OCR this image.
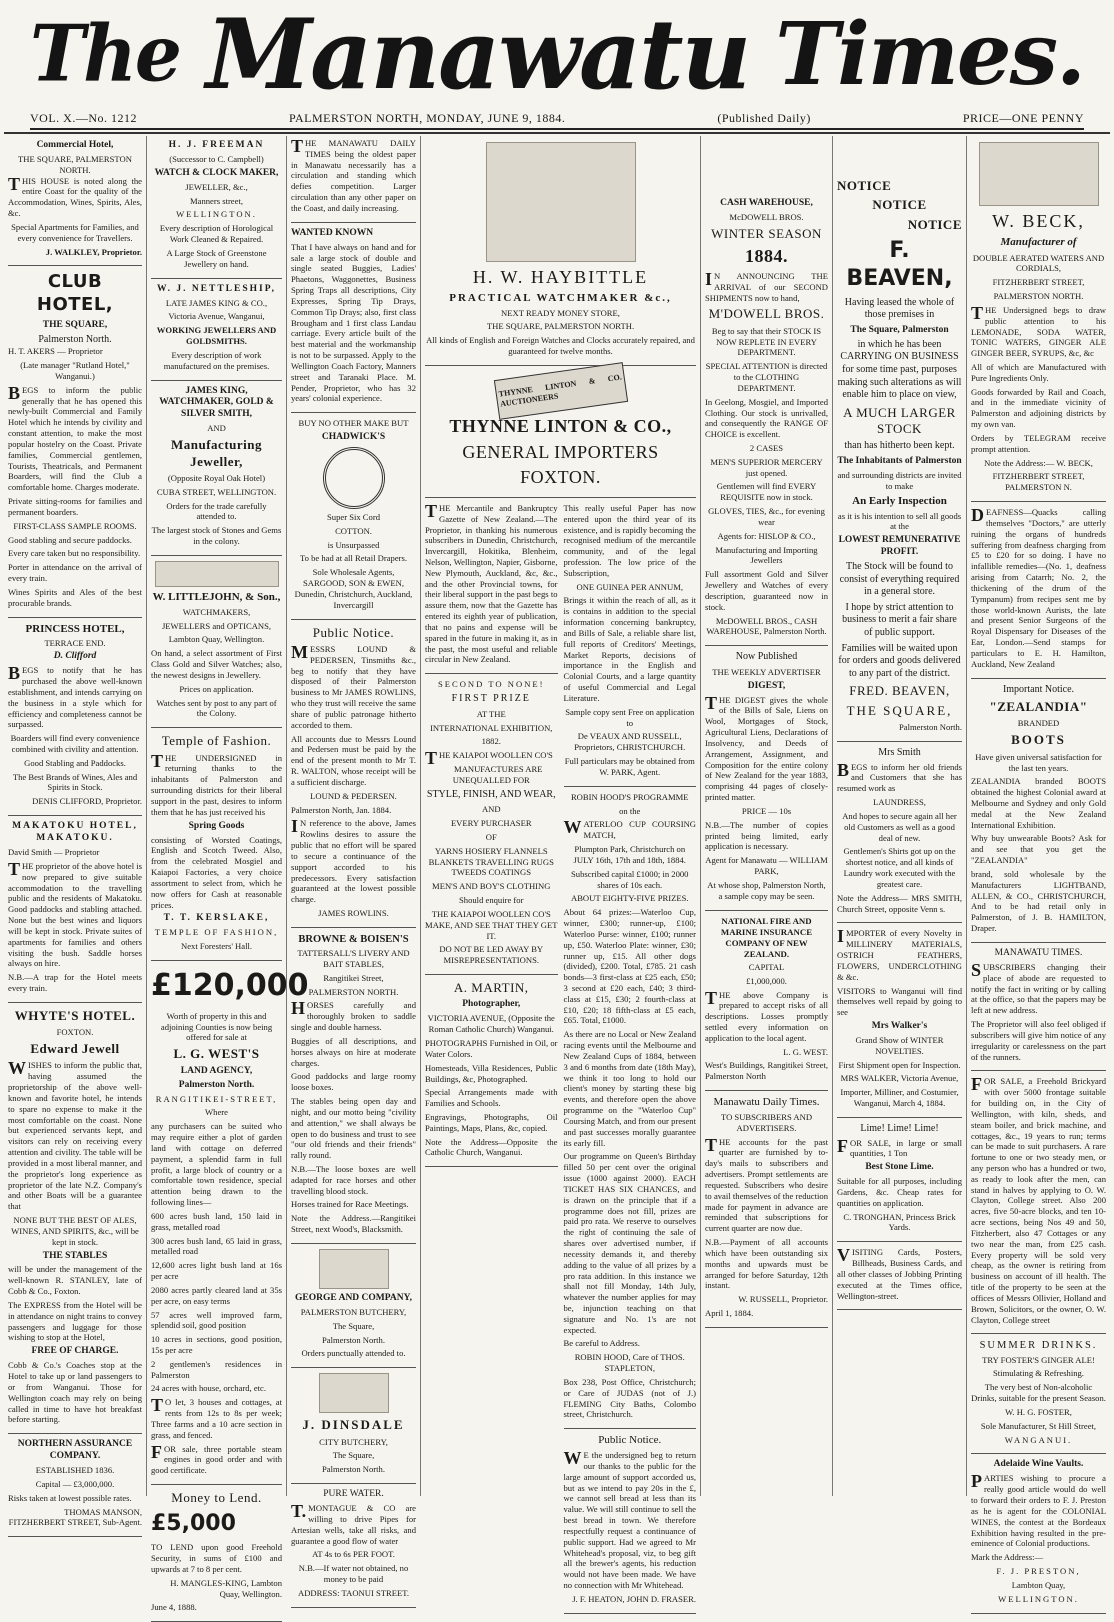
The Manawatu Times.
VOL. X.—No. 1212	PALMERSTON NORTH, MONDAY, JUNE 9, 1884.	(Published Daily)	PRICE—ONE PENNY
Commercial Hotel,
THE SQUARE, PALMERSTON NORTH.

THIS HOUSE is noted along the entire Coast for the quality of the Accommodation, Wines, Spirits, Ales, &c.

Special Apartments for Families, and every convenience for Travellers.

J. WALKLEY, Proprietor.

CLUB HOTEL,
THE SQUARE,
Palmerston North.

H. T. AKERS — Proprietor

(Late manager "Rutland Hotel," Wanganui.)

BEGS to inform the public generally that he has opened this newly-built Commercial and Family Hotel which he intends by civility and constant attention, to make the most popular hostelry on the Coast. Private families, Commercial gentlemen, Tourists, Theatricals, and Permanent Boarders, will find the Club a comfortable home. Charges moderate.

Private sitting-rooms for families and permanent boarders.

FIRST-CLASS SAMPLE ROOMS.

Good stabling and secure paddocks.

Every care taken but no responsibility.

Porter in attendance on the arrival of every train.

Wines Spirits and Ales of the best procurable brands.

PRINCESS HOTEL,
TERRACE END.
D. Clifford

BEGS to notify that he has purchased the above well-known establishment, and intends carrying on the business in a style which for efficiency and completeness cannot be surpassed.

Boarders will find every convenience combined with civility and attention.

Good Stabling and Paddocks.

The Best Brands of Wines, Ales and Spirits in Stock.

DENIS CLIFFORD, Proprietor.

MAKATOKU HOTEL, MAKATOKU.

David Smith — Proprietor

THE proprietor of the above hotel is now prepared to give suitable accommodation to the travelling public and the residents of Makatoku. Good paddocks and stabling attached. None but the best wines and liquors will be kept in stock. Private suites of apartments for families and others visiting the bush. Saddle horses always on hire.

N.B.—A trap for the Hotel meets every train.

WHYTE'S HOTEL.
FOXTON.
Edward Jewell

WISHES to inform the public that, having assumed the proprietorship of the above well-known and favorite hotel, he intends to spare no expense to make it the most comfortable on the coast. None but experienced servants kept, and visitors can rely on receiving every attention and civility. The table will be provided in a most liberal manner, and the proprietor's long experience as proprietor of the late N.Z. Company's and other Boats will be a guarantee that

NONE BUT THE BEST OF ALES, WINES, AND SPIRITS, &c., will be kept in stock.

THE STABLES

will be under the management of the well-known R. STANLEY, late of Cobb & Co., Foxton.

The EXPRESS from the Hotel will be in attendance on night trains to convey passengers and luggage for those wishing to stop at the Hotel,

FREE OF CHARGE.

Cobb & Co.'s Coaches stop at the Hotel to take up or land passengers to or from Wanganui. Those for Wellington coach may rely on being called in time to have hot breakfast before starting.

NORTHERN ASSURANCE COMPANY.

ESTABLISHED 1836.

Capital — £3,000,000.

Risks taken at lowest possible rates.

THOMAS MANSON, FITZHERBERT STREET, Sub-Agent.

H. J. FREEMAN

(Successor to C. Campbell)

WATCH & CLOCK MAKER,

JEWELLER, &c.,

Manners street,

WELLINGTON.

Every description of Horological Work Cleaned & Repaired.

A Large Stock of Greenstone Jewellery on hand.

W. J. NETTLESHIP,

LATE JAMES KING & CO.,

Victoria Avenue, Wanganui,

WORKING JEWELLERS AND GOLDSMITHS.

Every description of work manufactured on the premises.

JAMES KING, WATCHMAKER, GOLD & SILVER SMITH,

AND

Manufacturing Jeweller,

(Opposite Royal Oak Hotel)

CUBA STREET, WELLINGTON.

Orders for the trade carefully attended to.

The largest stock of Stones and Gems in the colony.

W. LITTLEJOHN, & Son.,

WATCHMAKERS,

JEWELLERS and OPTICANS,

Lambton Quay, Wellington.

On hand, a select assortment of First Class Gold and Silver Watches; also, the newest designs in Jewellery.

Prices on application.

Watches sent by post to any part of the Colony.

Temple of Fashion.

THE UNDERSIGNED in returning thanks to the inhabitants of Palmerston and surrounding districts for their liberal support in the past, desires to inform them that he has just received his

Spring Goods

consisting of Worsted Coatings, English and Scotch Tweed. Also, from the celebrated Mosgiel and Kaiapoi Factories, a very choice assortment to select from, which he now offers for Cash at reasonable prices.

T. T. KERSLAKE,

TEMPLE OF FASHION,

Next Foresters' Hall.

£120,000

Worth of property in this and adjoining Counties is now being offered for sale at

L. G. WEST'S
LAND AGENCY,
Palmerston North.

RANGITIKEI-STREET,

Where

any purchasers can be suited who may require either a plot of garden land with cottage on deferred payment, a splendid farm in full profit, a large block of country or a comfortable town residence, special attention being drawn to the following lines—

600 acres bush land, 150 laid in grass, metalled road

300 acres bush land, 65 laid in grass, metalled road

12,600 acres light bush land at 16s per acre

2080 acres partly cleared land at 35s per acre, on easy terms

57 acres well improved farm, splendid soil, good position

10 acres in sections, good position, 15s per acre

2 gentlemen's residences in Palmerston

24 acres with house, orchard, etc.

TO let, 3 houses and cottages, at rents from 12s to 8s per week; Three farms and a 10 acre section in grass, and fenced.

FOR sale, three portable steam engines in good order and with good certificate.

Money to Lend.
£5,000

TO LEND upon good Freehold Security, in sums of £100 and upwards at 7 to 8 per cent.

H. MANGLES-KING, Lambton Quay, Wellington.

June 4, 1888.

THE MANAWATU DAILY TIMES being the oldest paper in Manawatu necessarily has a circulation and standing which defies competition. Larger circulation than any other paper on the Coast, and daily increasing.

WANTED KNOWN

That I have always on hand and for sale a large stock of double and single seated Buggies, Ladies' Phaetons, Waggonettes, Business Spring Traps all descriptions, City Expresses, Spring Tip Drays, Common Tip Drays; also, first class Brougham and 1 first class Landau carriage. Every article built of the best material and the workmanship is not to be surpassed. Apply to the Wellington Coach Factory, Manners street and Taranaki Place. M. Pender, Proprietor, who has 32 years' colonial experience.

BUY NO OTHER MAKE BUT

CHADWICK'S

Super Six Cord

COTTON.

is Unsurpassed

To be had at all Retail Drapers.

Sole Wholesale Agents, SARGOOD, SON & EWEN, Dunedin, Christchurch, Auckland, Invercargill

Public Notice.

MESSRS LOUND & PEDERSEN, Tinsmiths &c., beg to notify that they have disposed of their Palmerston business to Mr JAMES ROWLINS, who they trust will receive the same share of public patronage hitherto accorded to them.

All accounts due to Messrs Lound and Pedersen must be paid by the end of the present month to Mr T. R. WALTON, whose receipt will be a sufficient discharge.

LOUND & PEDERSEN.

Palmerston North, Jan. 1884.

IN reference to the above, James Rowlins desires to assure the public that no effort will be spared to secure a continuance of the support accorded to his predecessors. Every satisfaction guaranteed at the lowest possible charge.

JAMES ROWLINS.

BROWNE & BOISEN'S

TATTERSALL'S LIVERY AND BAIT STABLES,

Rangitikei Street,

PALMERSTON NORTH.

HORSES carefully and thoroughly broken to saddle single and double harness.

Buggies of all descriptions, and horses always on hire at moderate charges.

Good paddocks and large roomy loose boxes.

The stables being open day and night, and our motto being "civility and attention," we shall always be open to do business and trust to see "our old friends and their friends" rally round.

N.B.—The loose boxes are well adapted for race horses and other travelling blood stock.

Horses trained for Race Meetings.

Note the Address.—Rangitikei Street, next Wood's, Blacksmith.

GEORGE AND COMPANY,

PALMERSTON BUTCHERY,

The Square,

Palmerston North.

Orders punctually attended to.

J. DINSDALE

CITY BUTCHERY,

The Square,

Palmerston North.

PURE WATER.

T.MONTAGUE & CO are willing to drive Pipes for Artesian wells, take all risks, and guarantee a good flow of water

AT 4s to 6s PER FOOT.

N.B.—If water not obtained, no money to be paid

ADDRESS: TAONUI STREET.

H. W. HAYBITTLE
PRACTICAL WATCHMAKER &c.,

NEXT READY MONEY STORE,

THE SQUARE, PALMERSTON NORTH.

All kinds of English and Foreign Watches and Clocks accurately repaired, and guaranteed for twelve months.

THYNNE LINTON & CO. AUCTIONEERS
THYNNE LINTON & CO.,
GENERAL IMPORTERS
FOXTON.

THE Mercantile and Bankruptcy Gazette of New Zealand.—The Proprietor, in thanking his numerous subscribers in Dunedin, Christchurch, Invercargill, Hokitika, Blenheim, Nelson, Wellington, Napier, Gisborne, New Plymouth, Auckland, &c, &c., and the other Provincial towns, for their liberal support in the past begs to assure them, now that the Gazette has entered its eighth year of publication, that no pains and expense will be spared in the future in making it, as in the past, the most useful and reliable circular in New Zealand.

SECOND TO NONE!

FIRST PRIZE

AT THE

INTERNATIONAL EXHIBITION,

1882.

THE KAIAPOI WOOLLEN CO'S

MANUFACTURES ARE UNEQUALLED FOR

STYLE, FINISH, AND WEAR,

AND

EVERY PURCHASER

OF

YARNS HOSIERY FLANNELS BLANKETS TRAVELLING RUGS TWEEDS COATINGS

MEN'S AND BOY'S CLOTHING

Should enquire for

THE KAIAPOI WOOLLEN CO'S MAKE, AND SEE THAT THEY GET IT.

DO NOT BE LED AWAY BY MISREPRESENTATIONS.

A. MARTIN,
Photographer,

VICTORIA AVENUE, (Opposite the Roman Catholic Church) Wanganui.

PHOTOGRAPHS Furnished in Oil, or Water Colors.

Homesteads, Villa Residences, Public Buildings, &c, Photographed.

Special Arrangements made with Families and Schools.

Engravings, Photographs, Oil Paintings, Maps, Plans, &c, copied.

Note the Address—Opposite the Catholic Church, Wanganui.

This really useful Paper has now entered upon the third year of its existence, and is rapidly becoming the recognised medium of the mercantile community, and of the legal profession. The low price of the Subscription,

ONE GUINEA PER ANNUM,

Brings it within the reach of all, as it is contains in addition to the special information concerning bankruptcy, and Bills of Sale, a reliable share list, full reports of Creditors' Meetings, Market Reports, decisions of importance in the English and Colonial Courts, and a large quantity of useful Commercial and Legal Literature.

Sample copy sent Free on application to

De VEAUX AND RUSSELL, Proprietors, CHRISTCHURCH.

Full particulars may be obtained from W. PARK, Agent.

ROBIN HOOD'S PROGRAMME

on the

WATERLOO CUP COURSING MATCH,

Plumpton Park, Christchurch on JULY 16th, 17th and 18th, 1884.

Subscribed capital £1000; in 2000 shares of 10s each.

ABOUT EIGHTY-FIVE PRIZES.

About 64 prizes:—Waterloo Cup, winner, £300; runner-up, £100; Waterloo Purse: winner, £100; runner up, £50. Waterloo Plate: winner, £30; runner up, £15. All other dogs (divided), £200. Total, £785. 21 cash bonds—3 first-class at £25 each, £50; 3 second at £20 each, £40; 3 third-class at £15, £30; 2 fourth-class at £10, £20; 18 fifth-class at £5 each, £65. Total, £1000.

As there are no Local or New Zealand racing events until the Melbourne and New Zealand Cups of 1884, between 3 and 6 months from date (18th May), we think it too long to hold our client's money by starting these big events, and therefore open the above programme on the "Waterloo Cup" Coursing Match, and from our present and past successes morally guarantee its early fill.

Our programme on Queen's Birthday filled 50 per cent over the original issue (1000 against 2000). EACH TICKET HAS SIX CHANCES, and is drawn on the principle that if a programme does not fill, prizes are paid pro rata. We reserve to ourselves the right of continuing the sale of shares over advertised number, if necessity demands it, and thereby adding to the value of all prizes by a pro rata addition. In this instance we shall not fill Monday, 14th July, whatever the number applies for may be, injunction teaching on that signature and No. 1's are not expected.

Be careful to Address.

ROBIN HOOD, Care of THOS. STAPLETON,

Box 238, Post Office, Christchurch; or Care of JUDAS (not of J.) FLEMING City Baths, Colombo street, Christchurch.

Public Notice.

WE the undersigned beg to return our thanks to the public for the large amount of support accorded us, but as we intend to pay 20s in the £, we cannot sell bread at less than its value. We will still continue to sell the best bread in town. We therefore respectfully request a continuance of public support. Had we agreed to Mr Whitehead's proposal, viz, to beg gift all the brewer's agents, his reduction would not have been made. We have no connection with Mr Whitehead.

J. F. HEATON, JOHN D. FRASER.

CASH WAREHOUSE,

McDOWELL BROS.

WINTER SEASON
1884.

IN ANNOUNCING THE ARRIVAL of our SECOND SHIPMENTS now to hand,

M'DOWELL BROS.

Beg to say that their STOCK IS NOW REPLETE IN EVERY DEPARTMENT.

SPECIAL ATTENTION is directed to the CLOTHING DEPARTMENT.

In Geelong, Mosgiel, and Imported Clothing. Our stock is unrivalled, and consequently the RANGE OF CHOICE is excellent.

2 CASES

MEN'S SUPERIOR MERCERY just opened.

Gentlemen will find EVERY REQUISITE now in stock.

GLOVES, TIES, &c., for evening wear

Agents for: HISLOP & CO.,

Manufacturing and Importing Jewellers

Full assortment Gold and Silver Jewellery and Watches of every description, guaranteed now in stock.

McDOWELL BROS., CASH WAREHOUSE, Palmerston North.

Now Published

THE WEEKLY ADVERTISER

DIGEST,

THE DIGEST gives the whole of the Bills of Sale, Liens on Wool, Mortgages of Stock, Agricultural Liens, Declarations of Insolvency, and Deeds of Arrangement, Assignment, and Composition for the entire colony of New Zealand for the year 1883, comprising 44 pages of closely-printed matter.

PRICE — 10s

N.B.—The number of copies printed being limited, early application is necessary.

Agent for Manawatu — WILLIAM PARK,

At whose shop, Palmerston North, a sample copy may be seen.

NATIONAL FIRE AND MARINE INSURANCE COMPANY OF NEW ZEALAND.

CAPITAL

£1,000,000.

THE above Company is prepared to accept risks of all descriptions. Losses promptly settled every information on application to the local agent.

L. G. WEST.

West's Buildings, Rangitikei Street, Palmerston North

Manawatu Daily Times.

TO SUBSCRIBERS AND ADVERTISERS.

THE accounts for the past quarter are furnished by to-day's mails to subscribers and advertisers. Prompt settlements are requested. Subscribers who desire to avail themselves of the reduction made for payment in advance are reminded that subscriptions for current quarter are now due.

N.B.—Payment of all accounts which have been outstanding six months and upwards must be arranged for before Saturday, 12th instant.

W. RUSSELL, Proprietor.

April 1, 1884.

NOTICE
NOTICE
NOTICE
F. BEAVEN,

Having leased the whole of those premises in

The Square, Palmerston

in which he has been CARRYING ON BUSINESS for some time past, purposes making such alterations as will enable him to place on view,

A MUCH LARGER STOCK

than has hitherto been kept.

The Inhabitants of Palmerston

and surrounding districts are invited to make

An Early Inspection

as it is his intention to sell all goods at the

LOWEST REMUNERATIVE PROFIT.

The Stock will be found to consist of everything required in a general store.

I hope by strict attention to business to merit a fair share of public support.

Families will be waited upon for orders and goods delivered to any part of the district.

FRED. BEAVEN,
THE SQUARE,

Palmerston North.

Mrs Smith

BEGS to inform her old friends and Customers that she has resumed work as

LAUNDRESS,

And hopes to secure again all her old Customers as well as a good deal of new.

Gentlemen's Shirts got up on the shortest notice, and all kinds of Laundry work executed with the greatest care.

Note the Address— MRS SMITH, Church Street, opposite Venn s.

IMPORTER of every Novelty in MILLINERY MATERIALS, OSTRICH FEATHERS, FLOWERS, UNDERCLOTHING & &c.

VISITORS to Wanganui will find themselves well repaid by going to see

Mrs Walker's

Grand Show of WINTER NOVELTIES.

First Shipment open for Inspection.

MRS WALKER, Victoria Avenue,

Importer, Milliner, and Costumier, Wanganui, March 4, 1884.

Lime! Lime! Lime!

FOR SALE, in large or small quantities, 1 Ton

Best Stone Lime.

Suitable for all purposes, including Gardens, &c. Cheap rates for quantities on application.

C. TRONGHAN, Princess Brick Yards.

VISITING Cards, Posters, Billheads, Business Cards, and all other classes of Jobbing Printing executed at the Times office, Wellington-street.

W. BECK,

Manufacturer of

DOUBLE AERATED WATERS AND CORDIALS,

FITZHERBERT STREET,

PALMERSTON NORTH.

THE Undersigned begs to draw public attention to his LEMONADE, SODA WATER, TONIC WATERS, GINGER ALE GINGER BEER, SYRUPS, &c, &c

All of which are Manufactured with Pure Ingredients Only.

Goods forwarded by Rail and Coach, and in the immediate vicinity of Palmerston and adjoining districts by my own van.

Orders by TELEGRAM receive prompt attention.

Note the Address:— W. BECK,

FITZHERBERT STREET, PALMERSTON N.

DEAFNESS—Quacks calling themselves "Doctors," are utterly ruining the organs of hundreds suffering from deafness charging from £5 to £20 for so doing. I have no infallible remedies—(No. 1, deafness arising from Catarrh; No. 2, the thickening of the drum of the Tympanum) from recipes sent me by those world-known Aurists, the late and present Senior Surgeons of the Royal Dispensary for Diseases of the Ear, London.—Send stamps for particulars to E. H. Hamilton, Auckland, New Zealand

Important Notice.
"ZEALANDIA"

BRANDED

BOOTS

Have given universal satisfaction for the last ten years.

ZEALANDIA branded BOOTS obtained the highest Colonial award at Melbourne and Sydney and only Gold medal at the New Zealand International Exhibition.

Why buy unwearable Boots? Ask for and see that you get the "ZEALANDIA"

brand, sold wholesale by the Manufacturers LIGHTBAND, ALLEN, & CO., CHRISTCHURCH, And to be had retail only in Palmerston, of J. B. HAMILTON, Draper.

MANAWATU TIMES.

SUBSCRIBERS changing their place of abode are requested to notify the fact in writing or by calling at the office, so that the papers may be left at new address.

The Proprietor will also feel obliged if subscribers will give him notice of any irregularity or carelessness on the part of the runners.

FOR SALE, a Freehold Brickyard with over 5000 frontage suitable for building on, in the City of Wellington, with kiln, sheds, and steam boiler, and brick machine, and cottages, &c., 19 years to run; terms can be made to suit purchasers. A rare fortune to one or two steady men, or any person who has a hundred or two, as ready to look after the men, can stand in halves by applying to O. W. Clayton, College street. Also 200 acres, five 50-acre blocks, and ten 10-acre sections, being Nos 49 and 50, Fitzherbert, also 47 Cottages or any two near the man, from £25 cash. Every property will be sold very cheap, as the owner is retiring from business on account of ill health. The title of the property to be seen at the offices of Messrs Ollivier, Holland and Brown, Solicitors, or the owner, O. W. Clayton, College street

SUMMER DRINKS.

TRY FOSTER'S GINGER ALE!

Stimulating & Refreshing.

The very best of Non-alcoholic Drinks, suitable for the present Season.

W. H. G. FOSTER,

Sole Manufacturer, St Hill Street,

WANGANUI.

Adelaide Wine Vaults.

PARTIES wishing to procure a really good article would do well to forward their orders to F. J. Preston as he is agent for the COLONIAL WINES, the contest at the Bordeaux Exhibition having resulted in the pre-eminence of Colonial productions.

Mark the Address:—

F. J. PRESTON,

Lambton Quay,

WELLINGTON.
